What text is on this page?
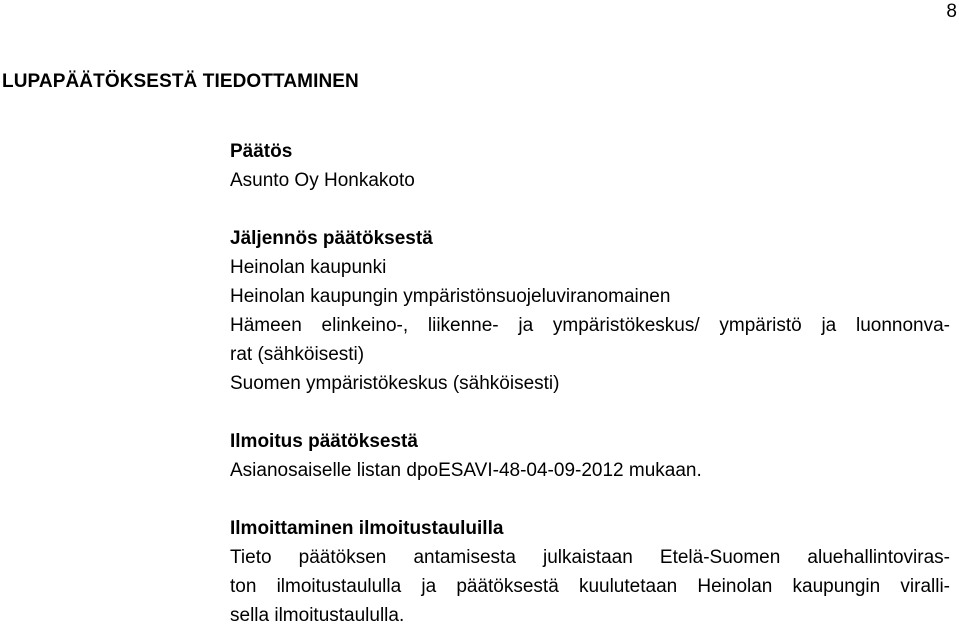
8
LUPAPÄÄTÖKSESTÄ TIEDOTTAMINEN

Päätös

Asunto Oy Honkakoto

Jäljennös päätöksestä

Heinolan kaupunki

Heinolan kaupungin ympäristönsuojeluviranomainen

Hämeen elinkeino-, liikenne- ja ympäristökeskus/ ympäristö ja luonnonva-

rat (sähköisesti)

Suomen ympäristökeskus (sähköisesti)

Ilmoitus päätöksestä

Asianosaiselle listan dpoESAVI-48-04-09-2012 mukaan.

Ilmoittaminen ilmoitustauluilla

Tieto päätöksen antamisesta julkaistaan Etelä-Suomen aluehallintoviras-

ton ilmoitustaululla ja päätöksestä kuulutetaan Heinolan kaupungin viralli-

sella ilmoitustaululla.
